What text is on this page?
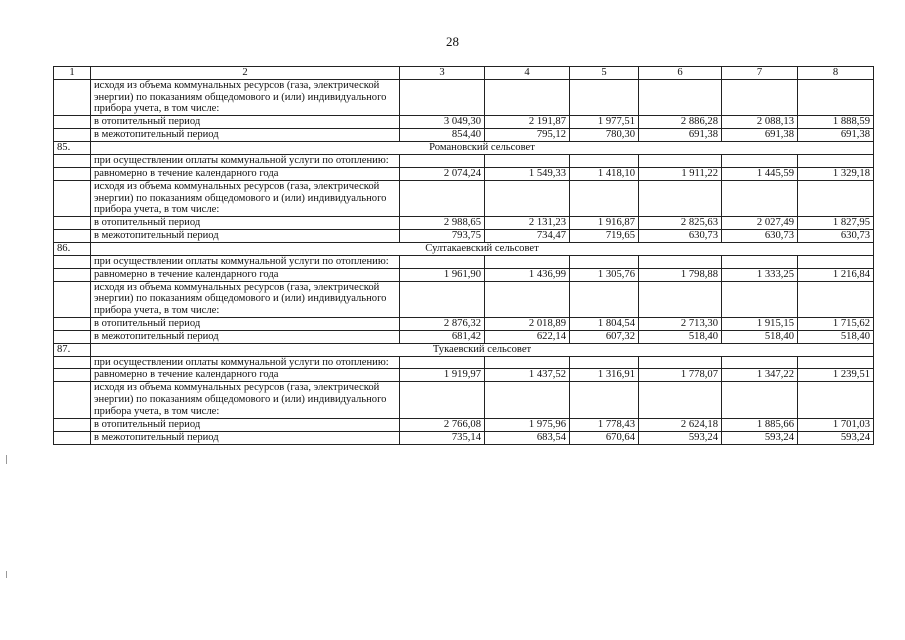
28
1	2	3	4	5	6	7	8
	исходя из объема коммунальных ресурсов (газа, электрической энергии) по показаниям общедомового и (или) индивидуального прибора учета, в том числе:						
	в отопительный период	3 049,30	2 191,87	1 977,51	2 886,28	2 088,13	1 888,59
	в межотопительный период	854,40	795,12	780,30	691,38	691,38	691,38
85.	Романовский сельсовет						
	при осуществлении оплаты коммунальной услуги по отоплению:						
	равномерно в течение календарного года	2 074,24	1 549,33	1 418,10	1 911,22	1 445,59	1 329,18
	исходя из объема коммунальных ресурсов (газа, электрической энергии) по показаниям общедомового и (или) индивидуального прибора учета, в том числе:						
	в отопительный период	2 988,65	2 131,23	1 916,87	2 825,63	2 027,49	1 827,95
	в межотопительный период	793,75	734,47	719,65	630,73	630,73	630,73
86.	Султакаевский сельсовет						
	при осуществлении оплаты коммунальной услуги по отоплению:						
	равномерно в течение календарного года	1 961,90	1 436,99	1 305,76	1 798,88	1 333,25	1 216,84
	исходя из объема коммунальных ресурсов (газа, электрической энергии) по показаниям общедомового и (или) индивидуального прибора учета, в том числе:						
	в отопительный период	2 876,32	2 018,89	1 804,54	2 713,30	1 915,15	1 715,62
	в межотопительный период	681,42	622,14	607,32	518,40	518,40	518,40
87.	Тукаевский сельсовет						
	при осуществлении оплаты коммунальной услуги по отоплению:						
	равномерно в течение календарного года	1 919,97	1 437,52	1 316,91	1 778,07	1 347,22	1 239,51
	исходя из объема коммунальных ресурсов (газа, электрической энергии) по показаниям общедомового и (или) индивидуального прибора учета, в том числе:						
	в отопительный период	2 766,08	1 975,96	1 778,43	2 624,18	1 885,66	1 701,03
	в межотопительный период	735,14	683,54	670,64	593,24	593,24	593,24
